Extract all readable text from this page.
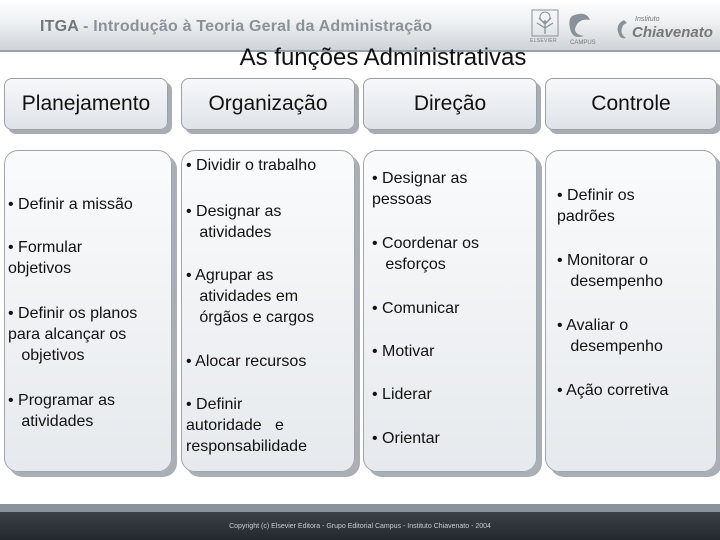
ITGA - Introdução à Teoria Geral da Administração
ELSEVIER CAMPUS
Instituto
Chiavenato
As funções Administrativas
Planejamento	Organização	Direção	Controle
• Definir a missão
• Formular
objetivos
• Definir os planos
para alcançar os
objetivos
• Programar as
atividades
• Dividir o trabalho
• Designar as
atividades
• Agrupar as
atividades em
órgãos e cargos
• Alocar recursos
• Definir
autoridade   e
responsabilidade
• Designar as
pessoas
• Coordenar os
esforços
• Comunicar
• Motivar
• Liderar
• Orientar
• Definir os
padrões
• Monitorar o
desempenho
• Avaliar o
desempenho
• Ação corretiva
Copyright (c) Elsevier Editora - Grupo Editorial Campus - Instituto Chiavenato - 2004
